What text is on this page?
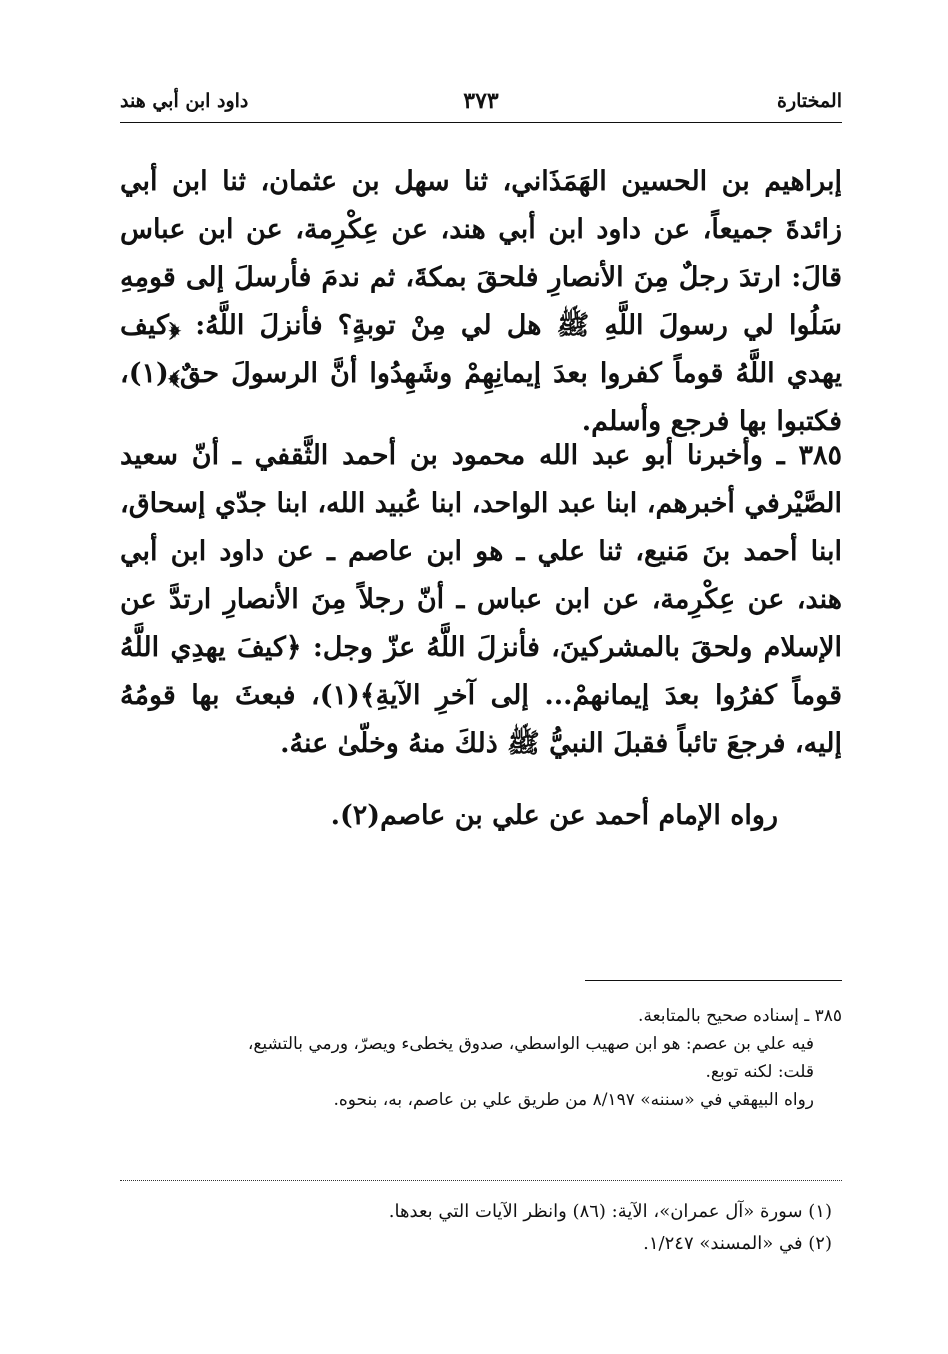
المختارة
٣٧٣
داود ابن أبي هند
إبراهيم بن الحسين الهَمَذَاني، ثنا سهل بن عثمان، ثنا ابن أبي زائدةَ جميعاً، عن داود ابن أبي هند، عن عِكْرِمة، عن ابن عباس قالَ: ارتدَ رجلٌ مِنَ الأنصارِ فلحقَ بمكةَ، ثم ندمَ فأرسلَ إلى قومِهِ سَلُوا لي رسولَ اللَّهِ ﷺ هل لي مِنْ توبةٍ؟ فأنزلَ اللَّهُ: ﴿كيف يهدي اللَّهُ قوماً كفروا بعدَ إيمانِهِمْ وشَهِدُوا أنَّ الرسولَ حقٌ﴾(١)، فكتبوا بها فرجع وأسلم.
٣٨٥ ـ وأخبرنا أبو عبد الله محمود بن أحمد الثَّقفي ـ أنّ سعيد الصَّيْرفي أخبرهم، ابنا عبد الواحد، ابنا عُبيد الله، ابنا جدّي إسحاق، ابنا أحمد بنَ مَنيع، ثنا علي ـ هو ابن عاصم ـ عن داود ابن أبي هند، عن عِكْرِمة، عن ابن عباس ـ أنّ رجلاً مِنَ الأنصارِ ارتدَّ عن الإسلام ولحقَ بالمشركينَ، فأنزلَ اللَّهُ عزّ وجل: ﴿كيفَ يهدِي اللَّهُ قوماً كفرُوا بعدَ إيمانهمْ... إلى آخرِ الآيةِ﴾(١)، فبعثَ بها قومُهُ إليه، فرجعَ تائباً فقبلَ النبيُّ ﷺ ذلكَ منهُ وخلّىٰ عنهُ.
رواه الإمام أحمد عن علي بن عاصم(٢).
٣٨٥ ـ إسناده صحيح بالمتابعة.
فيه علي بن عصم: هو ابن صهيب الواسطي، صدوق يخطىء ويصرّ، ورمي بالتشيع،
قلت: لكنه توبع.
رواه البيهقي في «سننه» ٨/١٩٧ من طريق علي بن عاصم، به، بنحوه.
(١) سورة «آل عمران»، الآية: (٨٦) وانظر الآيات التي بعدها.
(٢) في «المسند» ١/٢٤٧.
